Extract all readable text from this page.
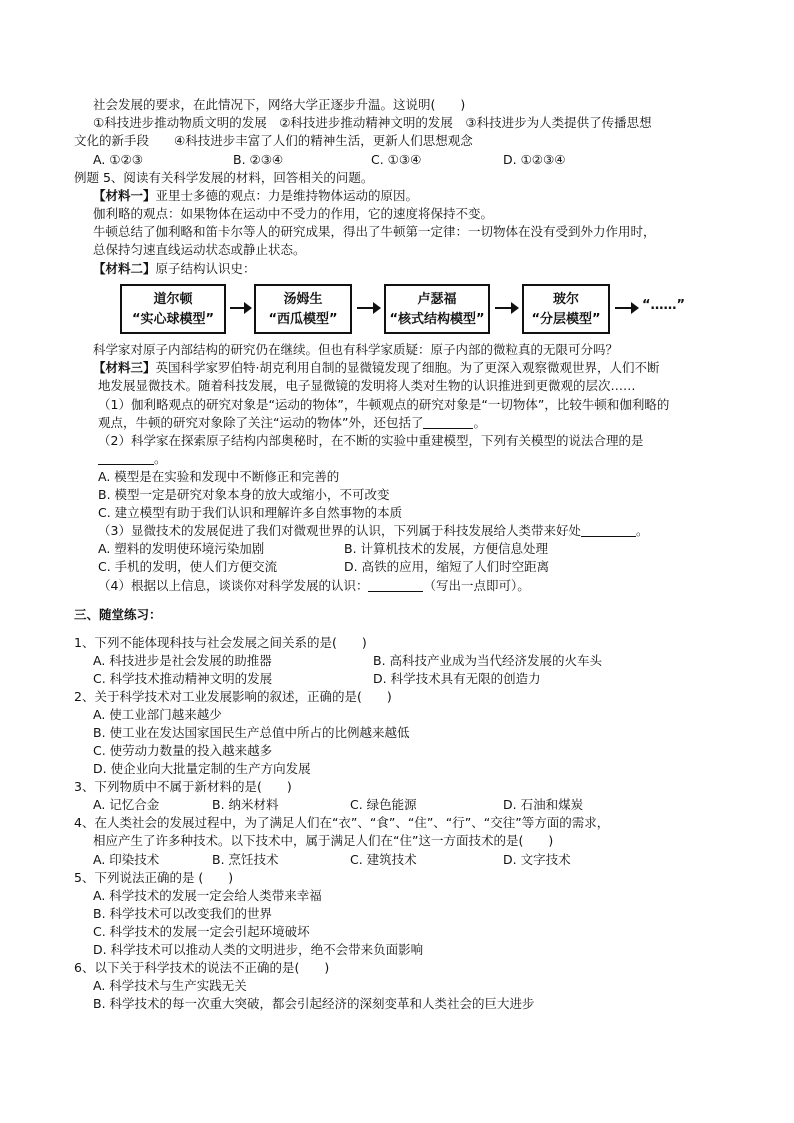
社会发展的要求，在此情况下，网络大学正逐步升温。这说明(　　)
①科技进步推动物质文明的发展　②科技进步推动精神文明的发展　③科技进步为人类提供了传播思想
文化的新手段　　④科技进步丰富了人们的精神生活，更新人们思想观念
A. ①②③	B. ②③④	C. ①③④	D. ①②③④
例题 5、阅读有关科学发展的材料，回答相关的问题。
【材料一】亚里士多德的观点：力是维持物体运动的原因。
伽利略的观点：如果物体在运动中不受力的作用，它的速度将保持不变。
牛顿总结了伽利略和笛卡尔等人的研究成果，得出了牛顿第一定律：一切物体在没有受到外力作用时，
总保持匀速直线运动状态或静止状态。
【材料二】原子结构认识史：
道尔顿
“实心球模型”
汤姆生
“西瓜模型”
卢瑟福
“核式结构模型”
玻尔
“分层模型”
“……”
科学家对原子内部结构的研究仍在继续。但也有科学家质疑：原子内部的微粒真的无限可分吗？
【材料三】英国科学家罗伯特·胡克利用自制的显微镜发现了细胞。为了更深入观察微观世界，人们不断
地发展显微技术。随着科技发展，电子显微镜的发明将人类对生物的认识推进到更微观的层次……
（1）伽利略观点的研究对象是“运动的物体”，牛顿观点的研究对象是“一切物体”，比较牛顿和伽利略的
观点，牛顿的研究对象除了关注“运动的物体”外，还包括了	。
（2）科学家在探索原子结构内部奥秘时，在不断的实验中重建模型，下列有关模型的说法合理的是
。
A. 模型是在实验和发现中不断修正和完善的
B. 模型一定是研究对象本身的放大或缩小，不可改变
C. 建立模型有助于我们认识和理解许多自然事物的本质
（3）显微技术的发展促进了我们对微观世界的认识，下列属于科技发展给人类带来好处	。
A. 塑料的发明使环境污染加剧	B. 计算机技术的发展，方便信息处理
C. 手机的发明，使人们方便交流	D. 高铁的应用，缩短了人们时空距离
（4）根据以上信息，谈谈你对科学发展的认识：	（写出一点即可）。
三、随堂练习：
1、下列不能体现科技与社会发展之间关系的是(　　)
A. 科技进步是社会发展的助推器	B. 高科技产业成为当代经济发展的火车头
C. 科学技术推动精神文明的发展	D. 科学技术具有无限的创造力
2、关于科学技术对工业发展影响的叙述，正确的是(　　)
A. 使工业部门越来越少
B. 使工业在发达国家国民生产总值中所占的比例越来越低
C. 使劳动力数量的投入越来越多
D. 使企业向大批量定制的生产方向发展
3、下列物质中不属于新材料的是(　　)
A. 记忆合金	B. 纳米材料	C. 绿色能源	D. 石油和煤炭
4、在人类社会的发展过程中，为了满足人们在“衣”、“食”、“住”、“行”、“交往”等方面的需求，
相应产生了许多种技术。以下技术中，属于满足人们在“住”这一方面技术的是(　　)
A. 印染技术	B. 烹饪技术	C. 建筑技术	D. 文字技术
5、下列说法正确的是 (　　)
A. 科学技术的发展一定会给人类带来幸福
B. 科学技术可以改变我们的世界
C. 科学技术的发展一定会引起环境破坏
D. 科学技术可以推动人类的文明进步，绝不会带来负面影响
6、以下关于科学技术的说法不正确的是(　　)
A. 科学技术与生产实践无关
B. 科学技术的每一次重大突破，都会引起经济的深刻变革和人类社会的巨大进步
